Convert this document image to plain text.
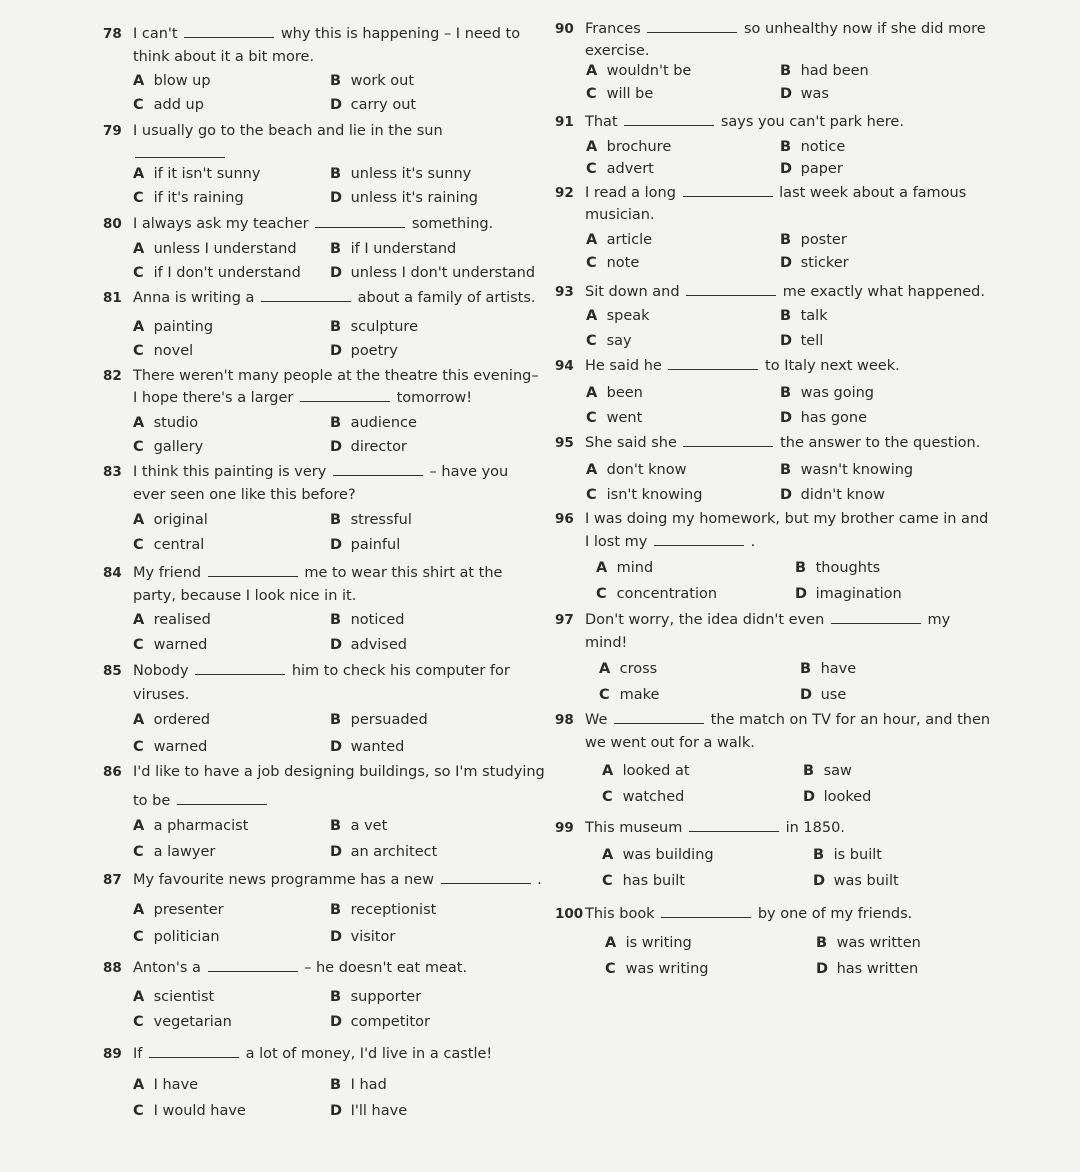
78 I can't	why this is happening – I need to
think about it a bit more.
A blow up	B work out
C add up	D carry out
79 I usually go to the beach and lie in the sun
A if it isn't sunny	B unless it's sunny
C if it's raining	D unless it's raining
80 I always ask my teacher	something.
A unless I understand B if I understand
C if I don't understand D unless I don't understand
81 Anna is writing a	about a family of artists.
A painting	B sculpture
C novel	D poetry
82 There weren't many people at the theatre this evening–
I hope there's a larger	tomorrow!
A studio	B audience
C gallery	D director
83 I think this painting is very	– have you
ever seen one like this before?
A original	B stressful
C central	D painful
84 My friend	me to wear this shirt at the
party, because I look nice in it.
A realised	B noticed
C warned	D advised
85 Nobody	him to check his computer for
viruses.
A ordered	B persuaded
C warned	D wanted
86 I'd like to have a job designing buildings, so I'm studying
to be
A a pharmacist	B a vet
C a lawyer	D an architect
87 My favourite news programme has a new	.
A presenter	B receptionist
C politician	D visitor
88 Anton's a	– he doesn't eat meat.
A scientist	B supporter
C vegetarian	D competitor
89 If	a lot of money, I'd live in a castle!
A I have	B I had
C I would have	D I'll have
90 Frances	so unhealthy now if she did more
exercise.
A wouldn't be	B had been
C will be	D was
91 That	says you can't park here.
A brochure	B notice
C advert	D paper
92 I read a long	last week about a famous
musician.
A article	B poster
C note	D sticker
93 Sit down and	me exactly what happened.
A speak	B talk
C say	D tell
94 He said he	to Italy next week.
A been	B was going
C went	D has gone
95 She said she	the answer to the question.
A don't know	B wasn't knowing
C isn't knowing	D didn't know
96 I was doing my homework, but my brother came in and
I lost my	.
A mind	B thoughts
C concentration	D imagination
97 Don't worry, the idea didn't even	my
mind!
A cross	B have
C make	D use
98 We	the match on TV for an hour, and then
we went out for a walk.
A looked at	B saw
C watched	D looked
99 This museum	in 1850.
A was building	B is built
C has built	D was built
100 This book	by one of my friends.
A is writing	B was written
C was writing	D has written
